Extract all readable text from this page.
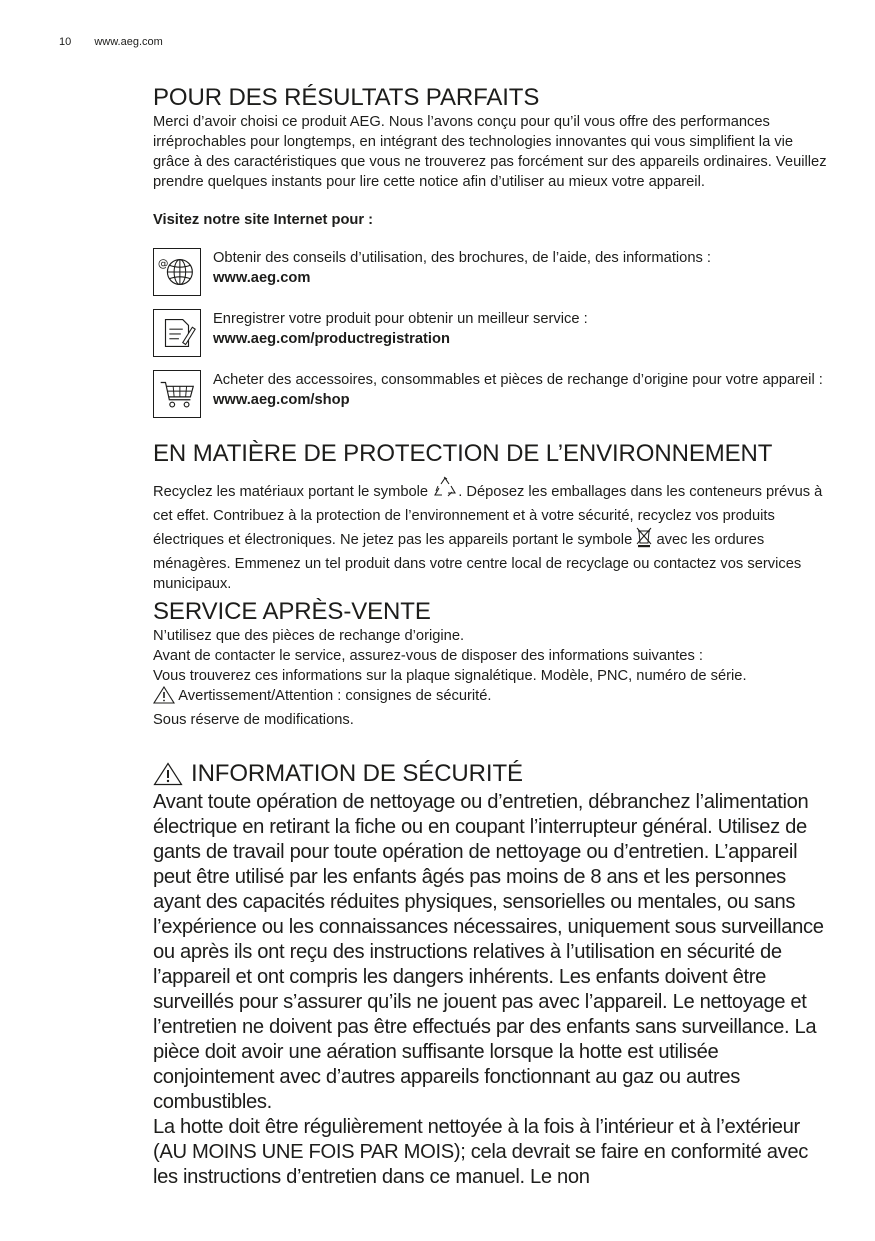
10 www.aeg.com
POUR DES RÉSULTATS PARFAITS

Merci d’avoir choisi ce produit AEG. Nous l’avons conçu pour qu’il vous offre des performances irréprochables pour longtemps, en intégrant des technologies innovantes qui vous simplifient la vie grâce à des caractéristiques que vous ne trouverez pas forcément sur des appareils ordinaires. Veuillez prendre quelques instants pour lire cette notice afin d’utiliser au mieux votre appareil.

Visitez notre site Internet pour :

@	Obtenir des conseils d’utilisation, des brochures, de l’aide, des informations :

www.aeg.com

Enregistrer votre produit pour obtenir un meilleur service :

www.aeg.com/productregistration

Acheter des accessoires, consommables et pièces de rechange d’origine pour votre appareil :

www.aeg.com/shop

EN MATIÈRE DE PROTECTION DE L’ENVIRONNEMENT

Recyclez les matériaux portant le symbole . Déposez les emballages dans les conteneurs prévus à cet effet. Contribuez à la protection de l’environnement et à votre sécurité, recyclez vos produits électriques et électroniques. Ne jetez pas les appareils portant le symbole avec les ordures ménagères. Emmenez un tel produit dans votre centre local de recyclage ou contactez vos services municipaux.

SERVICE APRÈS-VENTE

N’utilisez que des pièces de rechange d’origine.

Avant de contacter le service, assurez-vous de disposer des informations suivantes :

Vous trouverez ces informations sur la plaque signalétique. Modèle, PNC, numéro de série.

Avertissement/Attention : consignes de sécurité.

Sous réserve de modifications.

INFORMATION DE SÉCURITÉ

Avant toute opération de nettoyage ou d’entretien, débranchez l’alimentation électrique en retirant la fiche ou en coupant l’interrupteur général. Utilisez de gants de travail pour toute opération de nettoyage ou d’entretien. L’appareil peut être utilisé par les enfants âgés pas moins de 8 ans et les personnes ayant des capacités réduites physiques, sensorielles ou mentales, ou sans l’expérience ou les connaissances nécessaires, uniquement sous surveillance ou après ils ont reçu des instructions relatives à l’utilisation en sécurité de l’appareil et ont compris les dangers inhérents. Les enfants doivent être surveillés pour s’assurer qu’ils ne jouent pas avec l’appareil. Le nettoyage et l’entretien ne doivent pas être effectués par des enfants sans surveillance. La pièce doit avoir une aération suffisante lorsque la hotte est utilisée conjointement avec d’autres appareils fonctionnant au gaz ou autres combustibles.

La hotte doit être régulièrement nettoyée à la fois à l’intérieur et à l’extérieur (AU MOINS UNE FOIS PAR MOIS); cela devrait se faire en conformité avec les instructions d’entretien dans ce manuel. Le non
